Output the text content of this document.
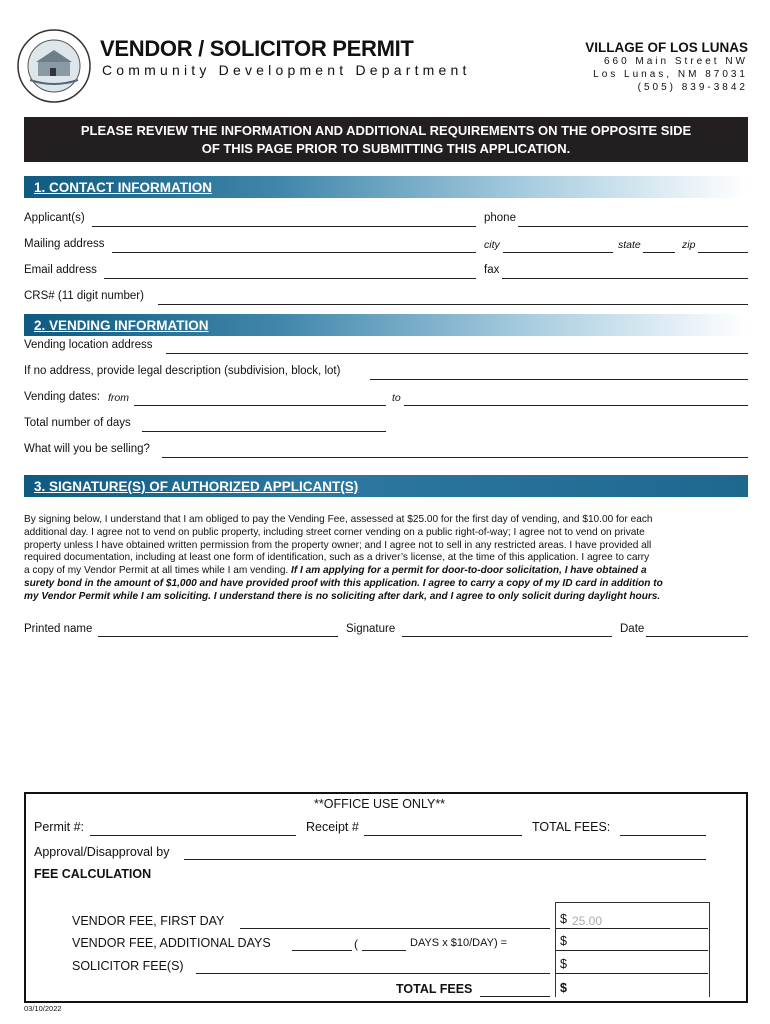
VENDOR / SOLICITOR PERMIT
Community Development Department
VILLAGE OF LOS LUNAS
660 Main Street NW
Los Lunas, NM 87031
(505) 839-3842
PLEASE REVIEW THE INFORMATION AND ADDITIONAL REQUIREMENTS ON THE OPPOSITE SIDE
OF THIS PAGE PRIOR TO SUBMITTING THIS APPLICATION.
1. CONTACT INFORMATION
Applicant(s)	phone
Mailing address	city	state	zip
Email address	fax
CRS# (11 digit number)
2. VENDING INFORMATION
Vending location address
If no address, provide legal description (subdivision, block, lot)
Vending dates: from	to
Total number of days
What will you be selling?
3. SIGNATURE(S) OF AUTHORIZED APPLICANT(S)
By signing below, I understand that I am obliged to pay the Vending Fee, assessed at $25.00 for the first day of vending, and $10.00 for each
additional day. I agree not to vend on public property, including street corner vending on a public right-of-way; I agree not to vend on private
property unless I have obtained written permission from the property owner; and I agree not to sell in any restricted areas. I have provided all
required documentation, including at least one form of identification, such as a driver’s license, at the time of this application. I agree to carry
a copy of my Vendor Permit at all times while I am vending. If I am applying for a permit for door-to-door solicitation, I have obtained a
surety bond in the amount of $1,000 and have provided proof with this application. I agree to carry a copy of my ID card in addition to
my Vendor Permit while I am soliciting. I understand there is no soliciting after dark, and I agree to only solicit during daylight hours.
Printed name	Signature	Date
**OFFICE USE ONLY**
Permit #:	Receipt #	TOTAL FEES:
Approval/Disapproval by
FEE CALCULATION
VENDOR FEE, FIRST DAY	$ 25.00
VENDOR FEE, ADDITIONAL DAYS	(	DAYS x $10/DAY) =	$
SOLICITOR FEE(S)	$
TOTAL FEES	$
03/10/2022
